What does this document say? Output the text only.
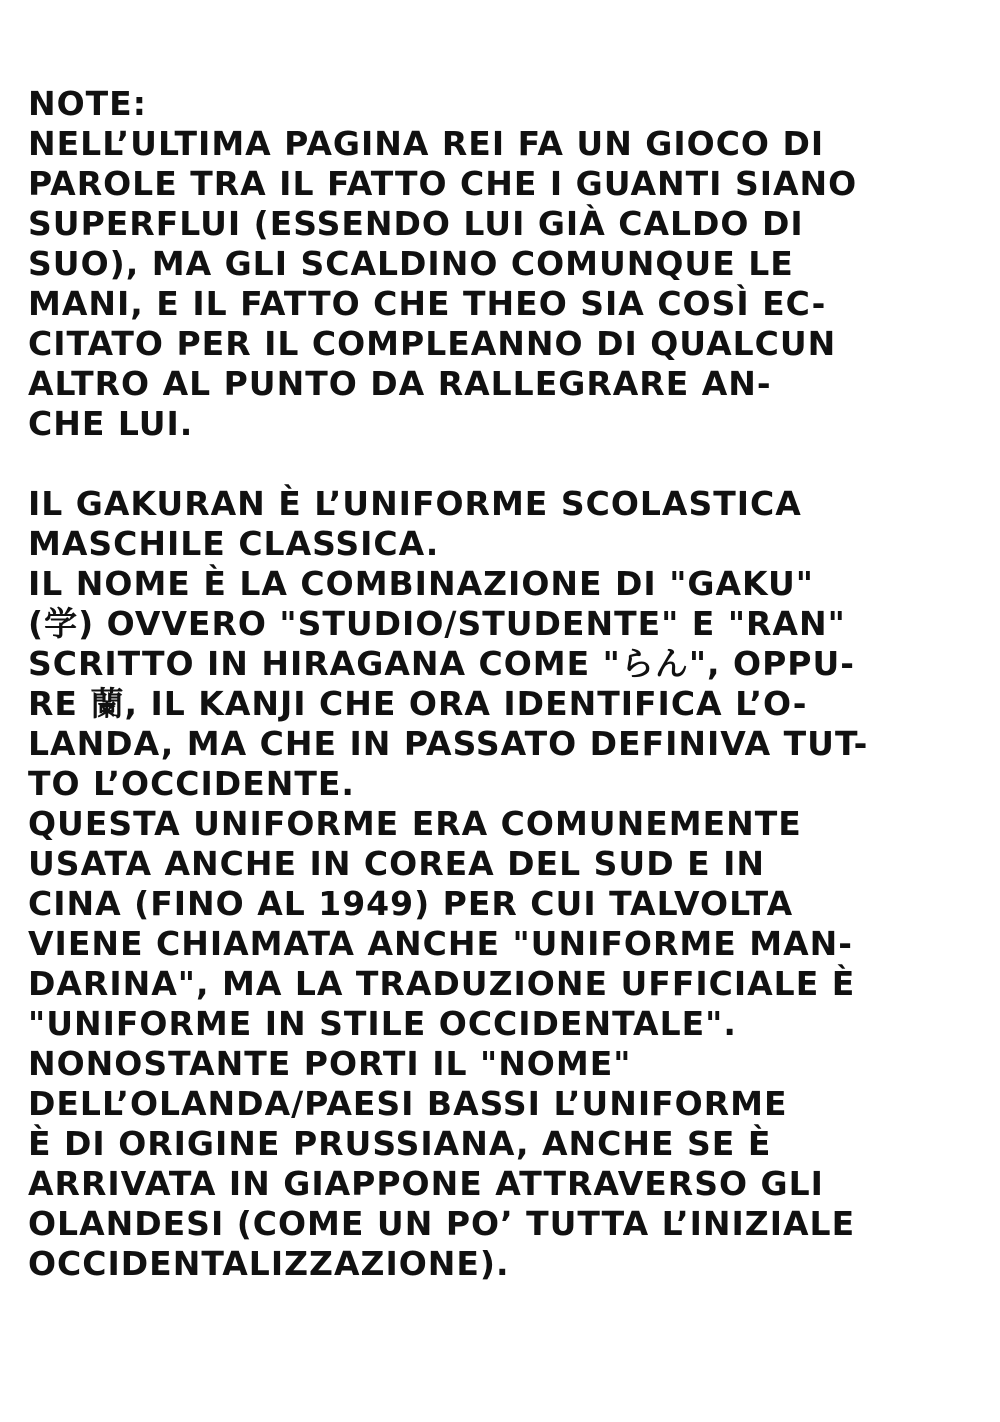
NOTE:
NELL’ULTIMA PAGINA REI FA UN GIOCO DI
PAROLE TRA IL FATTO CHE I GUANTI SIANO
SUPERFLUI (ESSENDO LUI GIÀ CALDO DI
SUO), MA GLI SCALDINO COMUNQUE LE
MANI, E IL FATTO CHE THEO SIA COSÌ EC-
CITATO PER IL COMPLEANNO DI QUALCUN
ALTRO AL PUNTO DA RALLEGRARE AN-
CHE LUI.
IL GAKURAN È L’UNIFORME SCOLASTICA
MASCHILE CLASSICA.
IL NOME È LA COMBINAZIONE DI "GAKU"
(学) OVVERO "STUDIO/STUDENTE" E "RAN"
SCRITTO IN HIRAGANA COME "らん", OPPU-
RE 蘭, IL KANJI CHE ORA IDENTIFICA L’O-
LANDA, MA CHE IN PASSATO DEFINIVA TUT-
TO L’OCCIDENTE.
QUESTA UNIFORME ERA COMUNEMENTE
USATA ANCHE IN COREA DEL SUD E IN
CINA (FINO AL 1949) PER CUI TALVOLTA
VIENE CHIAMATA ANCHE "UNIFORME MAN-
DARINA", MA LA TRADUZIONE UFFICIALE È
"UNIFORME IN STILE OCCIDENTALE".
NONOSTANTE PORTI IL "NOME"
DELL’OLANDA/PAESI BASSI L’UNIFORME
È DI ORIGINE PRUSSIANA, ANCHE SE È
ARRIVATA IN GIAPPONE ATTRAVERSO GLI
OLANDESI (COME UN PO’ TUTTA L’INIZIALE
OCCIDENTALIZZAZIONE).
